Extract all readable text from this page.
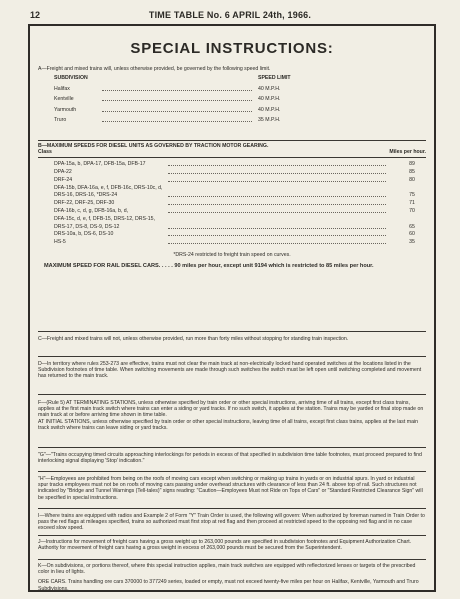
12	TIME TABLE No. 6 APRIL 24th, 1966.
SPECIAL INSTRUCTIONS:

A—Freight and mixed trains will, unless otherwise provided, be governed by the following speed limit.

SUBDIVISION	SPEED LIMIT
Halifax	40 M.P.H.
Kentville	40 M.P.H.
Yarmouth	40 M.P.H.
Truro	35 M.P.H.

B—MAXIMUM SPEEDS FOR DIESEL UNITS AS GOVERNED BY TRACTION MOTOR GEARING.

Class	Miles per hour.
DPA-15a, b, DPA-17, DFB-15a, DFB-17	89
DPA-22	85
DRF-24	80
DFA-15b, DFA-16a, e, f, DFB-16c, DRS-10c, d,
DRS-16, DRS-16, *DRS-24	75
DRF-22, DRF-25, DRF-30	71
DFA-16b, c, d, g, DFB-16a, b, d,	70
DFA-15c, d, e, f, DFB-15, DRS-12, DRS-15,
DRS-17, DS-8, DS-9, DS-12	65
DRS-10a, b, DS-6, DS-10	60
HS-5	35

*DRS-24 restricted to freight train speed on curves.

MAXIMUM SPEED FOR RAIL DIESEL CARS. . . . . 90 miles per hour, except unit 9194 which is restricted to 85 miles per hour.

C—Freight and mixed trains will not, unless otherwise provided, run more than forty miles without stopping for standing train inspection.

D—In territory where rules 253-273 are effective, trains must not clear the main track at non-electrically locked hand operated switches at the locations listed in the Subdivision footnotes of time table. When switching movements are made through such switches the switch must be left open until switching completed and movement has returned to the main track.

F—(Rule 5) AT TERMINATING STATIONS, unless otherwise specified by train order or other special instructions, arriving time of all trains, except first class trains, applies at the first main track switch where trains can enter a siding or yard tracks. If no such switch, it applies at the station. Trains may be yarded or final stop made on main track at or before arriving time shown in time table.

AT INITIAL STATIONS, unless otherwise specified by train order or other special instructions, leaving time of all trains, except first class trains, applies at the last main track switch where trains can leave siding or yard tracks.

"G"—"Trains occupying timed circuits approaching interlockings for periods in excess of that specified in subdivision time table footnotes, must proceed prepared to find interlocking signal displaying 'Stop' indication."

"H"—Employees are prohibited from being on the roofs of moving cars except when switching or making up trains in yards or on industrial spurs. In yard or industrial spur tracks employees must not be on roofs of moving cars passing under overhead structures with clearance of less than 24 ft. above top of rail. Such structures not indicated by "Bridge and Tunnel Warnings (Tell-tales)" signs reading: "Caution—Employees Must not Ride on Tops of Cars" or "Standard Restricted Clearance Sign" will be specified in special instructions.

I—Where trains are equipped with radios and Example 2 of Form "Y" Train Order is used, the following will govern: When authorized by foreman named in Train Order to pass the red flags at mileages specified, trains so authorized must first stop at red flag and then proceed at restricted speed to the opposing red flag and in no case exceed slow speed.

J—Instructions for movement of freight cars having a gross weight up to 263,000 pounds are specified in subdivision footnotes and Equipment Authorization Chart. Authority for movement of freight cars having a gross weight in excess of 263,000 pounds must be secured from the Superintendent.

K—On subdivisions, or portions thereof, where this special instruction applies, main track switches are equipped with reflectorized lenses or targets of the prescribed color in lieu of lights.

ORE CARS. Trains handling ore cars 370000 to 377249 series, loaded or empty, must not exceed twenty-five miles per hour on Halifax, Kentville, Yarmouth and Truro Subdivisions.
